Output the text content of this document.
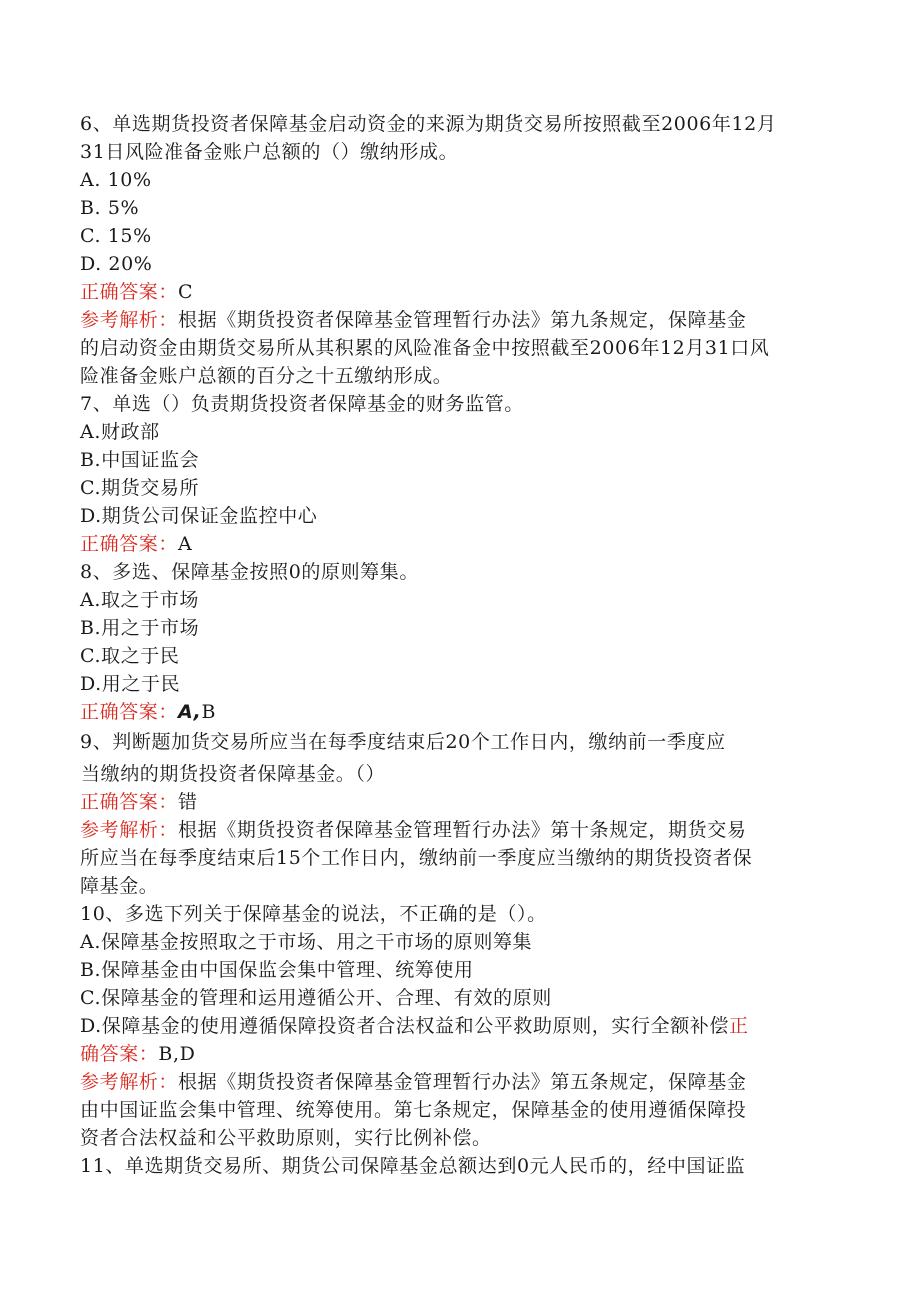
6、单选期货投资者保障基金启动资金的来源为期货交易所按照截至2006年12月
31日风险准备金账户总额的（）缴纳形成。
A. 10%
B. 5%
C. 15%
D. 20%
正确答案：C
参考解析：根据《期货投资者保障基金管理暂行办法》第九条规定，保障基金
的启动资金由期货交易所从其积累的风险准备金中按照截至2006年12月31口风
险准备金账户总额的百分之十五缴纳形成。
7、单选（）负责期货投资者保障基金的财务监管。
A.财政部
B.中国证监会
C.期货交易所
D.期货公司保证金监控中心
正确答案：A
8、多选、保障基金按照0的原则筹集。
A.取之于市场
B.用之于市场
C.取之于民
D.用之于民
正确答案：A,B
9、判断题加货交易所应当在每季度结束后20个工作日内，缴纳前一季度应
当缴纳的期货投资者保障基金。（）
正确答案：错
参考解析：根据《期货投资者保障基金管理暂行办法》第十条规定，期货交易
所应当在每季度结束后15个工作日内，缴纳前一季度应当缴纳的期货投资者保
障基金。
10、多选下列关于保障基金的说法，不正确的是（）。
A.保障基金按照取之于市场、用之干市场的原则筹集
B.保障基金由中国保监会集中管理、统筹使用
C.保障基金的管理和运用遵循公开、合理、有效的原则
D.保障基金的使用遵循保障投资者合法权益和公平救助原则，实行全额补偿正
确答案：B,D
参考解析：根据《期货投资者保障基金管理暂行办法》第五条规定，保障基金
由中国证监会集中管理、统筹使用。第七条规定，保障基金的使用遵循保障投
资者合法权益和公平救助原则，实行比例补偿。
11、单选期货交易所、期货公司保障基金总额达到0元人民币的，经中国证监
